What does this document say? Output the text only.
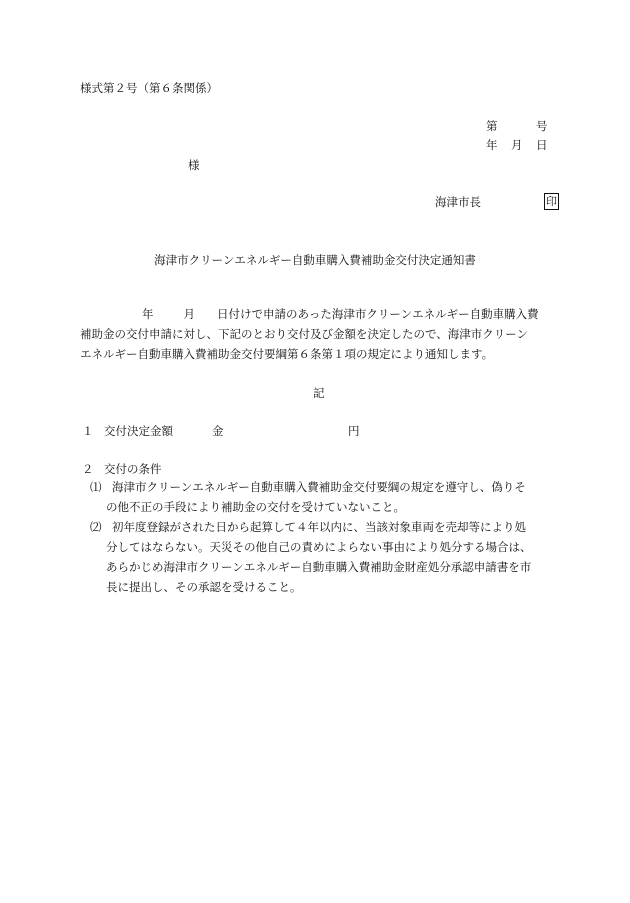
様式第２号（第６条関係）
第	号
年 月 日
様
海津市長	印
海津市クリーンエネルギー自動車購入費補助金交付決定通知書
年	月 日付けで申請のあった海津市クリーンエネルギー自動車購入費
補助金の交付申請に対し、下記のとおり交付及び金額を決定したので、海津市クリーン
エネルギー自動車購入費補助金交付要綱第６条第１項の規定により通知します。
記
１ 交付決定金額	金	円
２ 交付の条件
⑴ 海津市クリーンエネルギー自動車購入費補助金交付要綱の規定を遵守し、偽りそ
の他不正の手段により補助金の交付を受けていないこと。
⑵ 初年度登録がされた日から起算して４年以内に、当該対象車両を売却等により処
分してはならない。天災その他自己の責めによらない事由により処分する場合は、
あらかじめ海津市クリーンエネルギー自動車購入費補助金財産処分承認申請書を市
長に提出し、その承認を受けること。
